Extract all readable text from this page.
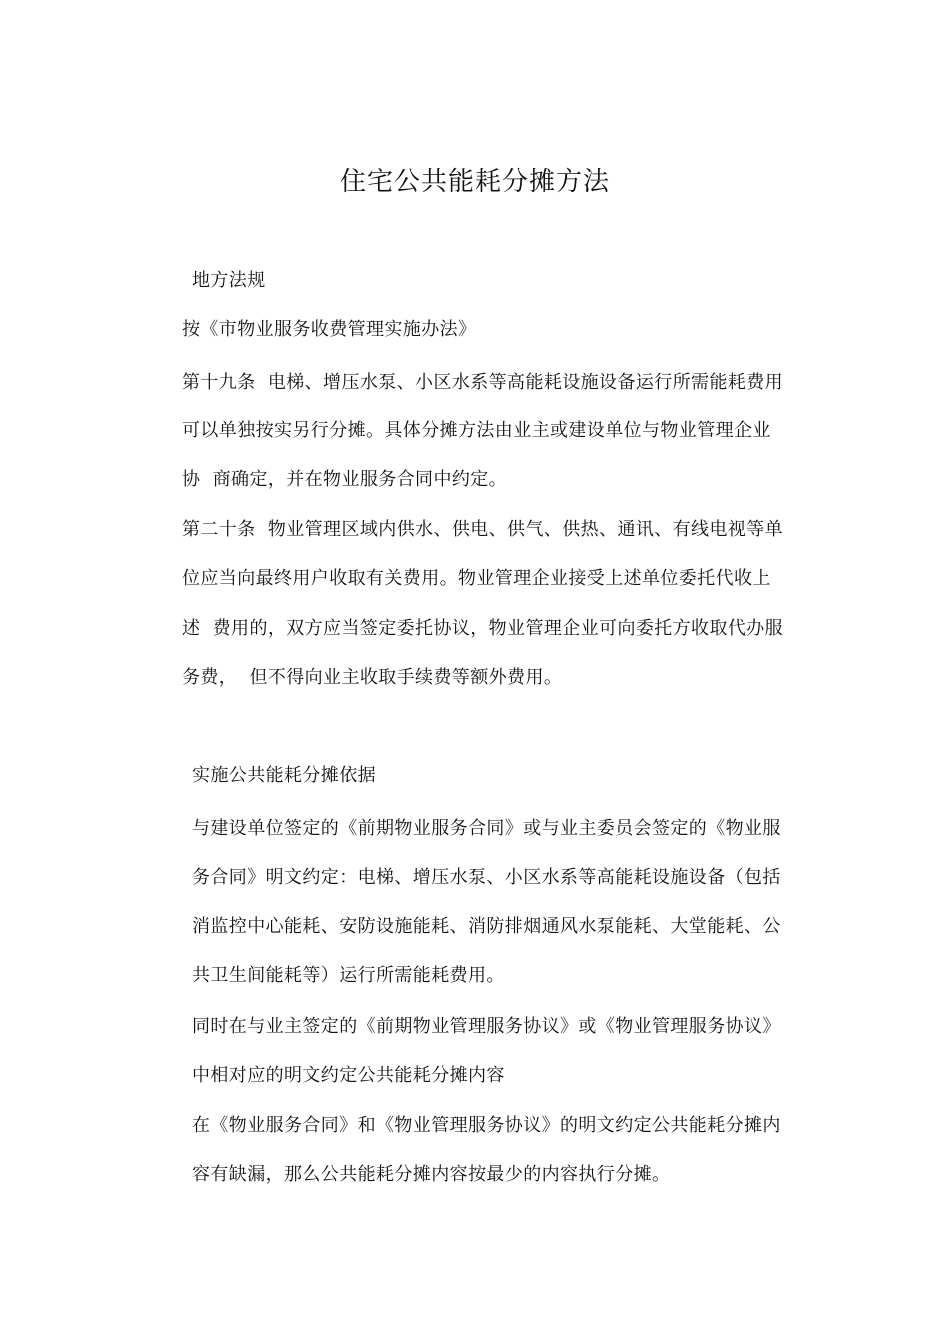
住宅公共能耗分摊方法
地方法规
按《市物业服务收费管理实施办法》
第十九条  电梯、增压水泵、小区水系等高能耗设施设备运行所需能耗费用
可以单独按实另行分摊。具体分摊方法由业主或建设单位与物业管理企业
协  商确定，并在物业服务合同中约定。
第二十条  物业管理区域内供水、供电、供气、供热、通讯、有线电视等单
位应当向最终用户收取有关费用。物业管理企业接受上述单位委托代收上
述  费用的，双方应当签定委托协议，物业管理企业可向委托方收取代办服
务费，  但不得向业主收取手续费等额外费用。
实施公共能耗分摊依据
与建设单位签定的《前期物业服务合同》或与业主委员会签定的《物业服
务合同》明文约定：电梯、增压水泵、小区水系等高能耗设施设备（包括
消监控中心能耗、安防设施能耗、消防排烟通风水泵能耗、大堂能耗、公
共卫生间能耗等）运行所需能耗费用。
同时在与业主签定的《前期物业管理服务协议》或《物业管理服务协议》
中相对应的明文约定公共能耗分摊内容
在《物业服务合同》和《物业管理服务协议》的明文约定公共能耗分摊内
容有缺漏，那么公共能耗分摊内容按最少的内容执行分摊。
